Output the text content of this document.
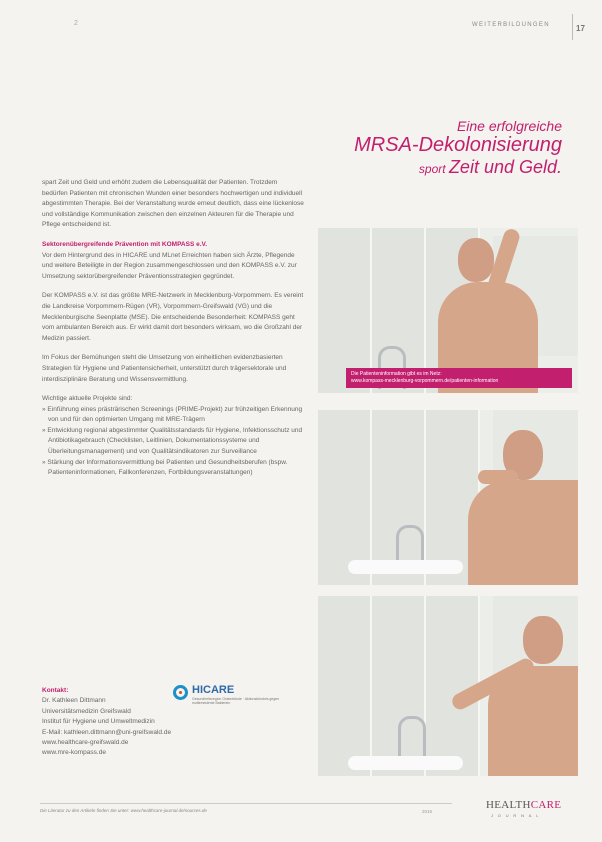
2	WEITERBILDUNGEN	17
Eine erfolgreiche
MRSA-Dekolonisierung
sport Zeit und Geld.

spart Zeit und Geld und erhöht zudem die Lebensqualität der Patienten. Trotzdem bedürfen Patienten mit chronischen Wunden einer besonders hochwertigen und individuell abgestimmten Therapie. Bei der Veranstaltung wurde erneut deutlich, dass eine lückenlose und vollständige Kommunikation zwischen den einzelnen Akteuren für die Therapie und Pflege entscheidend ist.

Sektorenübergreifende Prävention mit KOMPASS e.V.

Vor dem Hintergrund des in HICARE und MLnet Erreichten haben sich Ärzte, Pflegende und weitere Beteiligte in der Region zusammengeschlossen und den KOMPASS e.V. zur Umsetzung sektorübergreifender Präventionsstrategien gegründet.

Der KOMPASS e.V. ist das größte MRE-Netzwerk in Mecklenburg-Vorpommern. Es vereint die Landkreise Vorpommern-Rügen (VR), Vorpommern-Greifswald (VG) und die Mecklenburgische Seenplatte (MSE). Die entscheidende Besonderheit: KOMPASS geht vom ambulanten Bereich aus. Er wirkt damit dort besonders wirksam, wo die Großzahl der Medizin passiert.

Im Fokus der Bemühungen steht die Umsetzung von einheitlichen evidenzbasierten Strategien für Hygiene und Patientensicherheit, unterstützt durch trägersektorale und interdisziplinäre Beratung und Wissensvermittlung.

Wichtige aktuelle Projekte sind:
» Einführung eines prästrärischen Screenings (PRIME-Projekt) zur frühzeitigen Erkennung von und für den optimierten Umgang mit MRE-Trägern
» Entwicklung regional abgestimmter Qualitätsstandards für Hygiene, Infektionsschutz und Antibiotikagebrauch (Checklisten, Leitlinien, Dokumentationssysteme und Überleitungsmanagement) und von Qualitätsindikatoren zur Surveillance
» Stärkung der Informationsvermittlung bei Patienten und Gesundheitsberufen (bspw. Patienteninformationen, Fallkonferenzen, Fortbildungsveranstaltungen)
Kontakt:
Dr. Kathleen Dittmann
Universitätsmedizin Greifswald
Institut für Hygiene und Umweltmedizin
E-Mail: kathleen.dittmann@uni-greifswald.de
www.healthcare-greifswald.de
www.mre-kompass.de
HICARE
Gesundheitsregion Ostseeküste · Aktionsbündnis gegen multiresistente Bakterien
Die Patienteninformation gibt es im Netz:
www.kompass-mecklenburg-vorpommern.de/patienten-information
Die Literatur zu den Artikeln finden Sie unter: www.healthcare-journal.de/sources.de	2015
HEALTHCARE
JOURNAL
